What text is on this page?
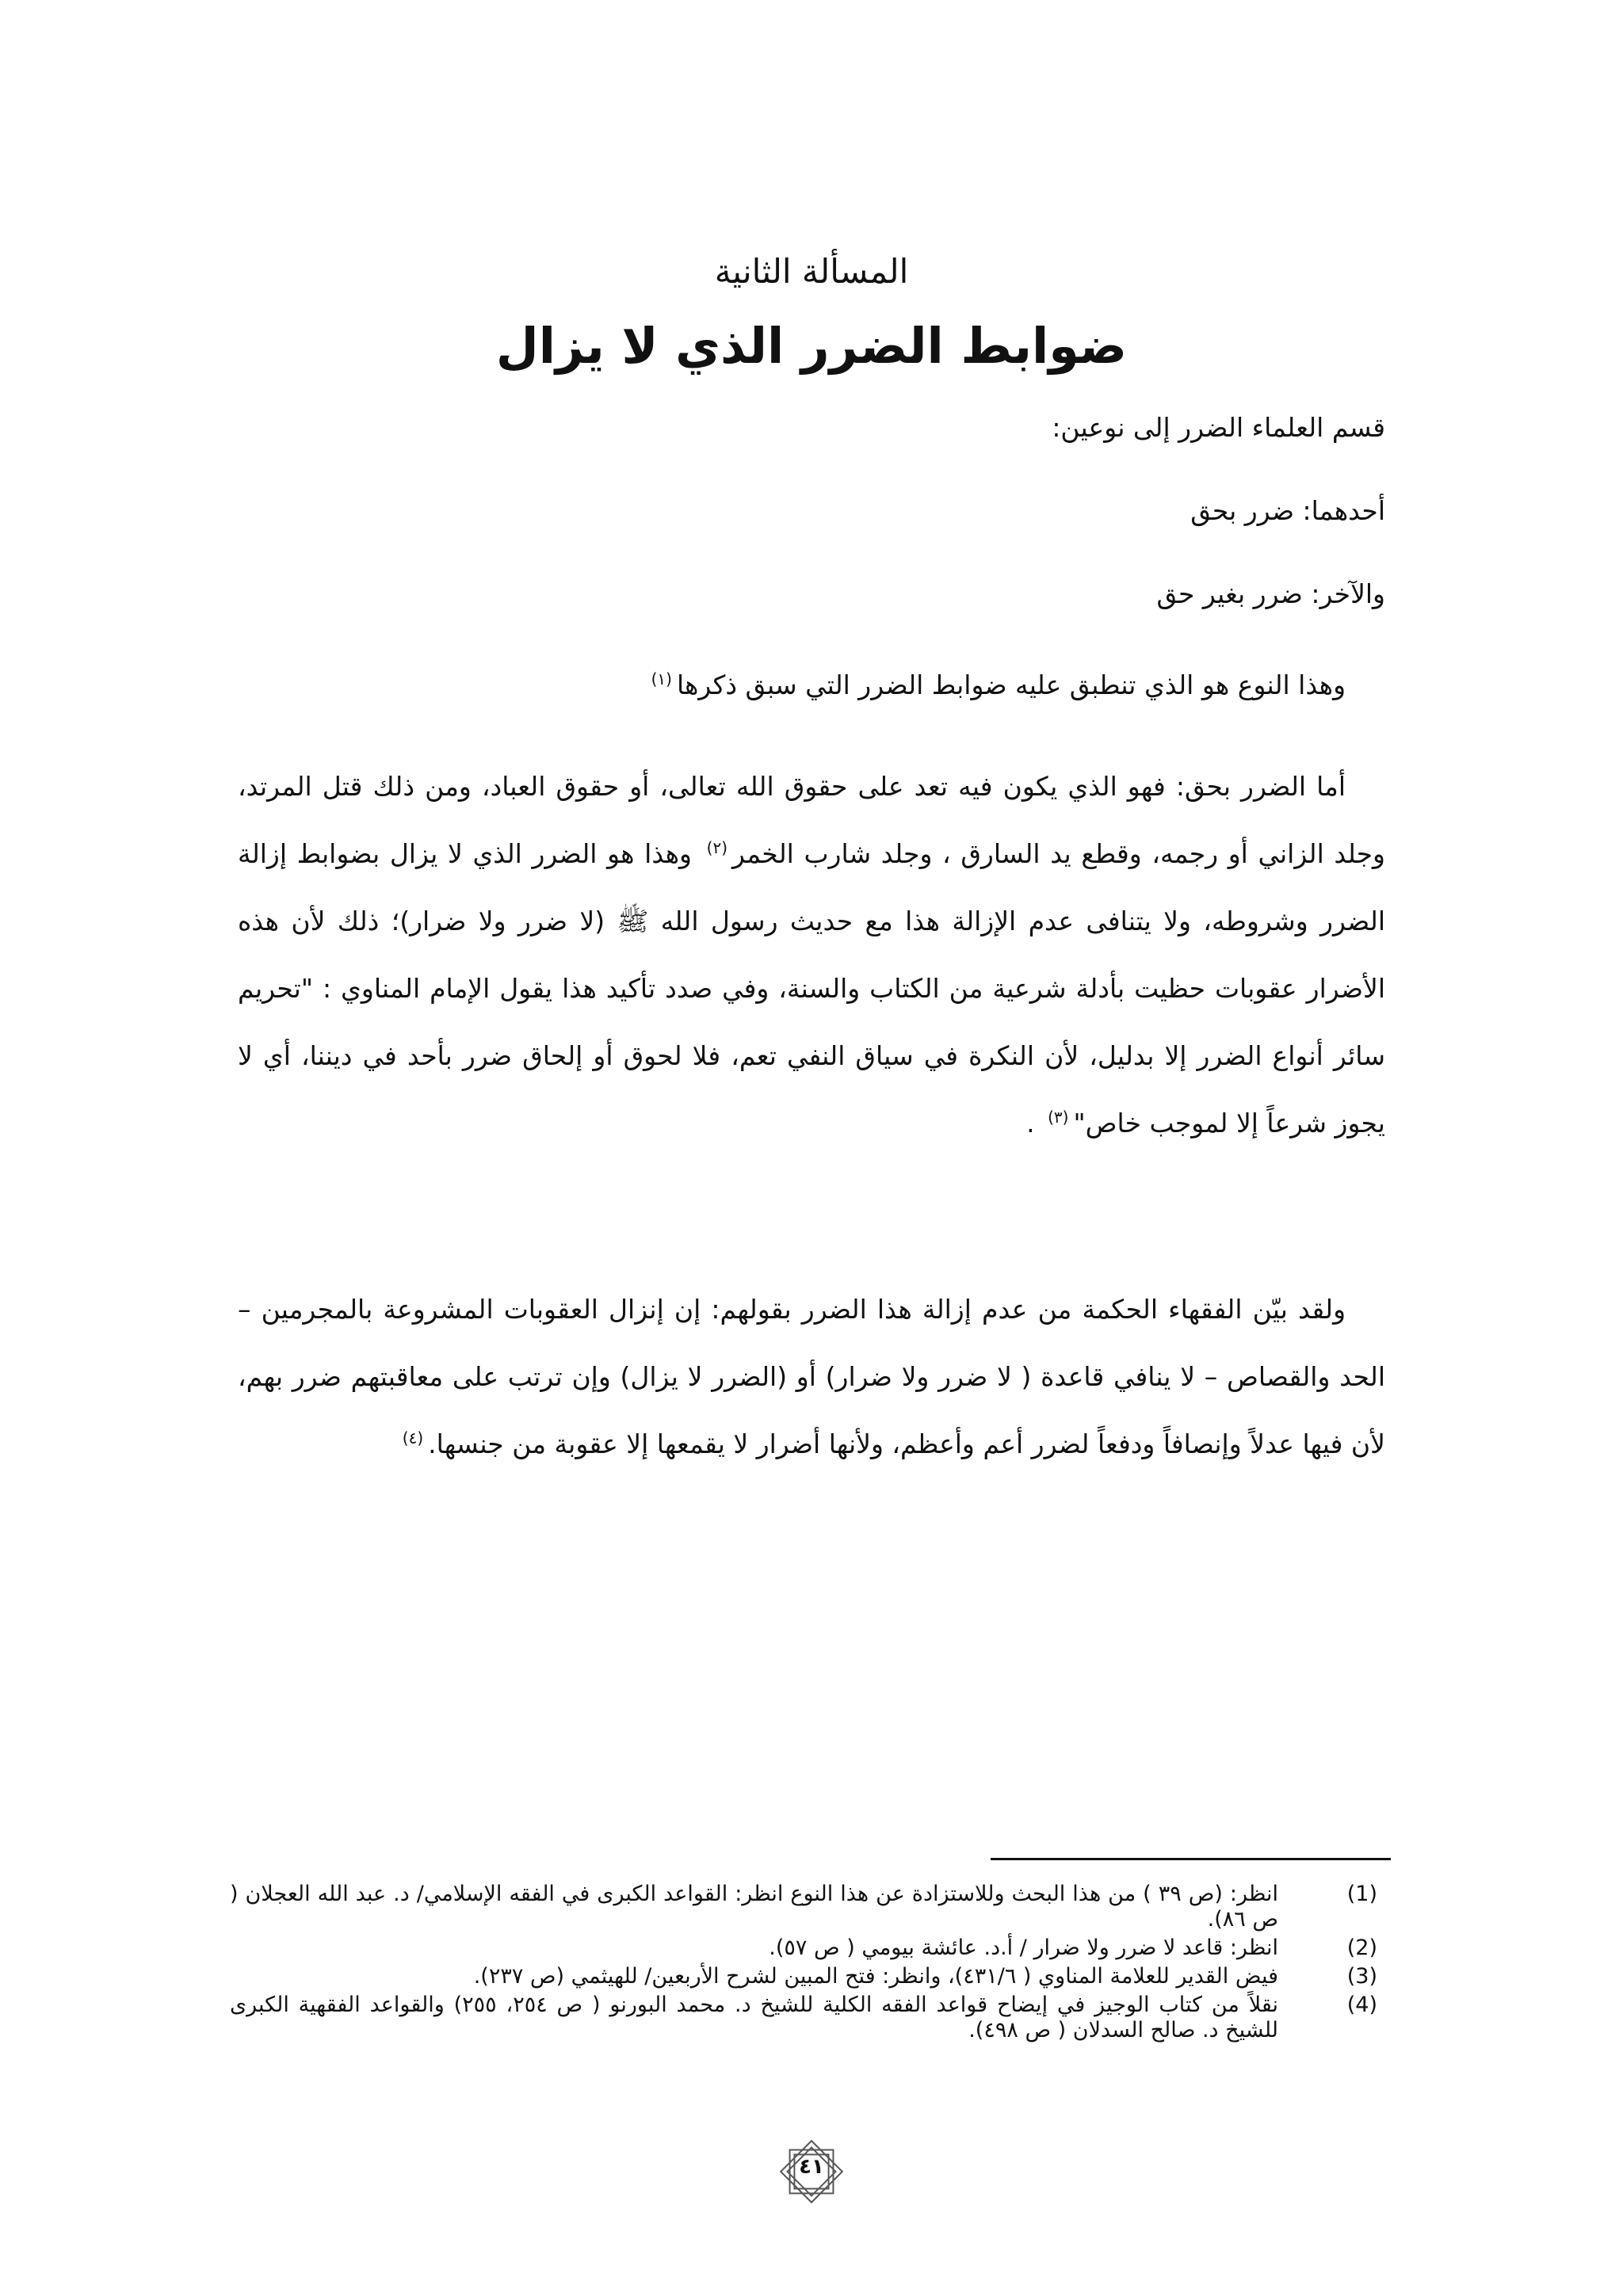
المسألة الثانية
ضوابط الضرر الذي لا يزال
قسم العلماء الضرر إلى نوعين:
أحدهما: ضرر بحق
والآخر: ضرر بغير حق
وهذا النوع هو الذي تنطبق عليه ضوابط الضرر التي سبق ذكرها$^{(١)}$
أما الضرر بحق: فهو الذي يكون فيه تعد على حقوق الله تعالى، أو حقوق العباد، ومن ذلك قتل المرتد، وجلد الزاني أو رجمه، وقطع يد السارق ، وجلد شارب الخمر$^{(٢)}$ وهذا هو الضرر الذي لا يزال بضوابط إزالة الضرر وشروطه، ولا يتنافى عدم الإزالة هذا مع حديث رسول الله ﷺ (لا ضرر ولا ضرار)؛ ذلك لأن هذه الأضرار عقوبات حظيت بأدلة شرعية من الكتاب والسنة، وفي صدد تأكيد هذا يقول الإمام المناوي : "تحريم سائر أنواع الضرر إلا بدليل، لأن النكرة في سياق النفي تعم، فلا لحوق أو إلحاق ضرر بأحد في ديننا، أي لا يجوز شرعاً إلا لموجب خاص"$^{(٣)}$ .
ولقد بيّن الفقهاء الحكمة من عدم إزالة هذا الضرر بقولهم: إن إنزال العقوبات المشروعة بالمجرمين – الحد والقصاص – لا ينافي قاعدة ( لا ضرر ولا ضرار) أو (الضرر لا يزال) وإن ترتب على معاقبتهم ضرر بهم، لأن فيها عدلاً وإنصافاً ودفعاً لضرر أعم وأعظم، ولأنها أضرار لا يقمعها إلا عقوبة من جنسها.$^{(٤)}$
(1)
انظر: (ص ٣٩ ) من هذا البحث وللاستزادة عن هذا النوع انظر: القواعد الكبرى في الفقه الإسلامي/ د. عبد الله العجلان ( ص ٨٦).
(2)
انظر: قاعد لا ضرر ولا ضرار / أ.د. عائشة بيومي ( ص ٥٧).
(3)
فيض القدير للعلامة المناوي ( ٤٣١/٦)، وانظر: فتح المبين لشرح الأربعين/ للهيثمي (ص ٢٣٧).
(4)
نقلاً من كتاب الوجيز في إيضاح قواعد الفقه الكلية للشيخ د. محمد البورنو ( ص ٢٥٤، ٢٥٥) والقواعد الفقهية الكبرى للشيخ د. صالح السدلان ( ص ٤٩٨).
٤١
